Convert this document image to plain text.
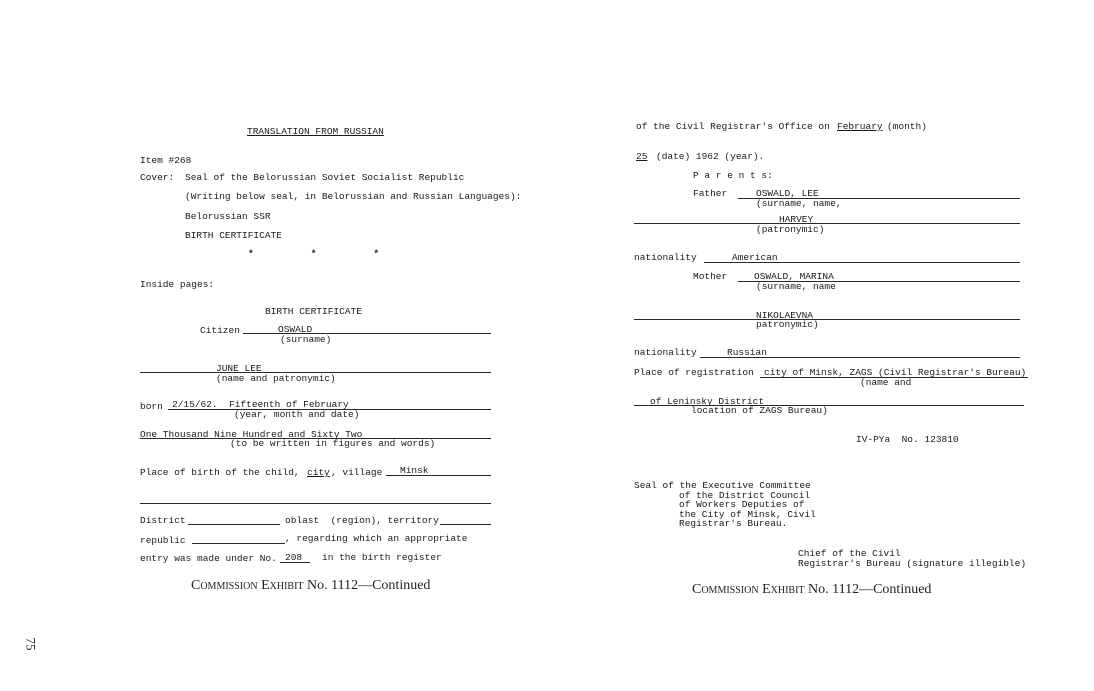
TRANSLATION FROM RUSSIAN
Item #268
Cover: Seal of the Belorussian Soviet Socialist Republic
(Writing below seal, in Belorussian and Russian Languages):
Belorussian SSR
BIRTH CERTIFICATE
*          *          *
Inside pages:
BIRTH CERTIFICATE
Citizen	OSWALD
(surname)
JUNE LEE
(name and patronymic)
born 2/15/62.  Fifteenth of February
(year, month and date)
One Thousand Nine Hundred and Sixty Two
(to be written in figures and words)
Place of birth of the child, city , village Minsk
District	oblast  (region), territory
republic	, regarding which an appropriate
entry was made under No. 208 in the birth register
Commission Exhibit No. 1112—Continued
75
of the Civil Registrar's Office on February (month)
25 (date) 1962 (year).
P a r e n t s:
Father	OSWALD, LEE
(surname, name,
HARVEY
(patronymic)
nationality	American
Mother	OSWALD, MARINA
(surname, name
NIKOLAEVNA
patronymic)
nationality	Russian
Place of registration city of Minsk, ZAGS (Civil Registrar's Bureau)
(name and
of Leninsky District
location of ZAGS Bureau)
IV-PYa  No. 123810
Seal of the Executive Committee
of the District Council
of Workers Deputies of
the City of Minsk, Civil
Registrar's Bureau.
Chief of the Civil
Registrar's Bureau (signature illegible)
Commission Exhibit No. 1112—Continued
